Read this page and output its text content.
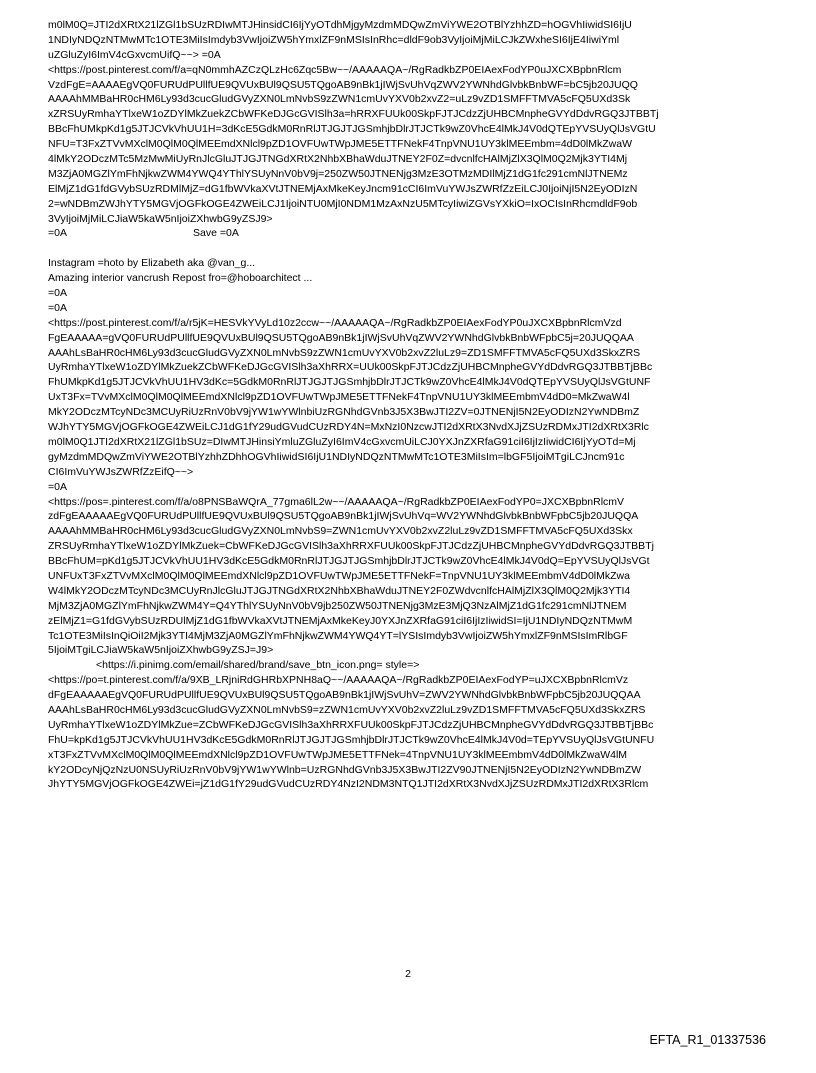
m0lM0Q=JTI2dXRtX21lZGl1bSUzRDIwMTJHinsidCI6IjYyOTdhMjgyMzdmMDQwZmViYWE2OTBlYzhhZD=hOGVhIiwidSI6IjU
1NDIyNDQzNTMwMTc1OTE3MiIsImdyb3VwIjoiZW5hYmxlZF9nMSIsInRhc=dldF9ob3VyIjoiMjMiLCJkZWxheSI6IjE4IiwiYml
uZGluZyI6ImV4cGxvcmUifQ~~> =0A
<https://post.pinterest.com/f/a=qN0mmhAZCzQLzHc6Zqc5Bw~~/AAAAAQA~/RgRadkbZP0EIAexFodYP0uJXCXBpbnRlcm
VzdFgE=AAAAEgVQ0FURUdPUllfUE9QVUxBUl9QSU5TQgoAB9nBk1jIWjSvUhVqZWV2YWNhdGlvbkBnbWF=bC5jb20JUQQ
AAAAhMMBaHR0cHM6Ly93d3cucGludGVyZXN0LmNvbS9zZWN1cmUvYXV0b2xvZ2=uLz9vZD1SMFFTMVA5cFQ5UXd3Sk
xZRSUyRmhaYTlxeW1oZDYlMkZuekZCbWFKeDJGcGVISlh3a=hRRXFUUk00SkpFJTJCdzZjUHBCMnpheGVYdDdvRGQ3JTBBTj
BBcFhUMkpKd1g5JTJCVkVhUU1H=3dKcE5GdkM0RnRlJTJGJTJGSmhjbDlrJTJCTk9wZ0VhcE4lMkJ4V0dQTEpYVSUyQlJsVGtU
NFU=T3FxZTVvMXclM0QlM0QlMEEmdXNlcl9pZD1OVFUwTWpJME5ETTFNekF4TnpVNU1UY3klMEEmbm=4dD0lMkZwaW
4lMkY2ODczMTc5MzMwMiUyRnJlcGluJTJGJTNGdXRtX2NhbXBhaWduJTNEY2F0Z=dvcnlfcHAlMjZlX3QlM0Q2Mjk3YTI4Mj
M3ZjA0MGZlYmFhNjkwZWM4YWQ4YThlYSUyNnV0bV9j=250ZW50JTNENjg3MzE3OTMzMDIlMjZ1dG1fc291cmNlJTNEMz
ElMjZ1dG1fdGVybSUzRDMlMjZ=dG1fbWVkaXVtJTNEMjAxMkeKeyJncm91cCI6ImVuYWJsZWRfZzEiLCJ0IjoiNjI5N2EyODIzN
2=wNDBmZWJhYTY5MGVjOGFkOGE4ZWEiLCJ1IjoiNTU0MjI0NDM1MzAxNzU5MTcyIiwiZGVsYXkiO=IxOCIsInRhcmdldF9ob
3VyIjoiMjMiLCJiaW5kaW5nIjoiZXhwbG9yZSJ9>
=0A	Save =0A
Instagram =hoto by Elizabeth aka @van_g...
Amazing interior vancrush Repost fro=@hoboarchitect ...
=0A
=0A
<https://post.pinterest.com/f/a/r5jK=HESVkYVyLd10z2ccw~~/AAAAAQA~/RgRadkbZP0EIAexFodYP0uJXCXBpbnRlcmVzd
FgEAAAAA=gVQ0FURUdPUllfUE9QVUxBUl9QSU5TQgoAB9nBk1jIWjSvUhVqZWV2YWNhdGlvbkBnbWFpbC5j=20JUQQAA
AAAhLsBaHR0cHM6Ly93d3cucGludGVyZXN0LmNvbS9zZWN1cmUvYXV0b2xvZ2luLz9=ZD1SMFFTMVA5cFQ5UXd3SkxZRS
UyRmhaYTlxeW1oZDYlMkZuekZCbWFKeDJGcGVISlh3aXhRRX=UUk00SkpFJTJCdzZjUHBCMnpheGVYdDdvRGQ3JTBBTjBBc
FhUMkpKd1g5JTJCVkVhUU1HV3dKc=5GdkM0RnRlJTJGJTJGSmhjbDlrJTJCTk9wZ0VhcE4lMkJ4V0dQTEpYVSUyQlJsVGtUNF
UxT3Fx=TVvMXclM0QlM0QlMEEmdXNlcl9pZD1OVFUwTWpJME5ETTFNekF4TnpVNU1UY3klMEEmbmV4dD0=MkZwaW4l
MkY2ODczMTcyNDc3MCUyRiUzRnV0bV9jYW1wYWlnbiUzRGNhdGVnb3J5X3BwJTI2ZV=0JTNENjI5N2EyODIzN2YwNDBmZ
WJhYTY5MGVjOGFkOGE4ZWEiLCJ1dG1fY29udGVudCUzRDY4N=MxNzI0NzcwJTI2dXRtX3NvdXJjZSUzRDMxJTI2dXRtX3Rlc
m0lM0Q1JTI2dXRtX21lZGl1bSUz=DIwMTJHinsiYmluZGluZyI6ImV4cGxvcmUiLCJ0YXJnZXRfaG91ciI6IjIzIiwidCI6IjYyOTd=Mj
gyMzdmMDQwZmViYWE2OTBlYzhhZDhhOGVhIiwidSI6IjU1NDIyNDQzNTMwMTc1OTE3MiIsIm=lbGF5IjoiMTgiLCJncm91c
CI6ImVuYWJsZWRfZzEifQ~~>
=0A
<https://pos=.pinterest.com/f/a/o8PNSBaWQrA_77gma6lL2w~~/AAAAAQA~/RgRadkbZP0EIAexFodYP0=JXCXBpbnRlcmV
zdFgEAAAAAEgVQ0FURUdPUllfUE9QVUxBUl9QSU5TQgoAB9nBk1jIWjSvUhVq=WV2YWNhdGlvbkBnbWFpbC5jb20JUQQA
AAAAhMMBaHR0cHM6Ly93d3cucGludGVyZXN0LmNvbS9=ZWN1cmUvYXV0b2xvZ2luLz9vZD1SMFFTMVA5cFQ5UXd3Skx
ZRSUyRmhaYTlxeW1oZDYlMkZuek=CbWFKeDJGcGVISlh3aXhRRXFUUk00SkpFJTJCdzZjUHBCMnpheGVYdDdvRGQ3JTBBTj
BBcFhUM=pKd1g5JTJCVkVhUU1HV3dKcE5GdkM0RnRlJTJGJTJGSmhjbDlrJTJCTk9wZ0VhcE4lMkJ4V0dQ=EpYVSUyQlJsVGt
UNFUxT3FxZTVvMXclM0QlM0QlMEEmdXNlcl9pZD1OVFUwTWpJME5ETTFNekF=TnpVNU1UY3klMEEmbmV4dD0lMkZwa
W4lMkY2ODczMTcyNDc3MCUyRnJlcGluJTJGJTNGdXRtX2NhbXBhaWduJTNEY2F0ZWdvcnlfcHAlMjZlX3QlM0Q2Mjk3YTI4
MjM3ZjA0MGZlYmFhNjkwZWM4Y=Q4YThlYSUyNnV0bV9jb250ZW50JTNENjg3MzE3MjQ3NzAlMjZ1dG1fc291cmNlJTNEM
zElMjZ1=G1fdGVybSUzRDUlMjZ1dG1fbWVkaXVtJTNEMjAxMkeKeyJ0YXJnZXRfaG91ciI6IjIzIiwidSI=IjU1NDIyNDQzNTMwM
Tc1OTE3MiIsInQiOiI2Mjk3YTI4MjM3ZjA0MGZlYmFhNjkwZWM4YWQ4YT=lYSIsImdyb3VwIjoiZW5hYmxlZF9nMSIsImRlbGF
5IjoiMTgiLCJiaW5kaW5nIjoiZXhwbG9yZSJ=J9>
<https://i.pinimg.com/email/shared/brand/save_btn_icon.png= style=>
<https://po=t.pinterest.com/f/a/9XB_LRjniRdGHRbXPNH8aQ~~/AAAAAQA~/RgRadkbZP0EIAexFodYP=uJXCXBpbnRlcmVz
dFgEAAAAAEgVQ0FURUdPUllfUE9QVUxBUl9QSU5TQgoAB9nBk1jIWjSvUhV=ZWV2YWNhdGlvbkBnbWFpbC5jb20JUQQAA
AAAhLsBaHR0cHM6Ly93d3cucGludGVyZXN0LmNvbS9=zZWN1cmUvYXV0b2xvZ2luLz9vZD1SMFFTMVA5cFQ5UXd3SkxZRS
UyRmhaYTlxeW1oZDYlMkZue=ZCbWFKeDJGcGVISlh3aXhRRXFUUk00SkpFJTJCdzZjUHBCMnpheGVYdDdvRGQ3JTBBTjBBc
FhU=kpKd1g5JTJCVkVhUU1HV3dKcE5GdkM0RnRlJTJGJTJGSmhjbDlrJTJCTk9wZ0VhcE4lMkJ4V0d=TEpYVSUyQlJsVGtUNFU
xT3FxZTVvMXclM0QlM0QlMEEmdXNlcl9pZD1OVFUwTWpJME5ETTFNek=4TnpVNU1UY3klMEEmbmV4dD0lMkZwaW4lM
kY2ODcyNjQzNzU0NSUyRiUzRnV0bV9jYW1wYWlnb=UzRGNhdGVnb3J5X3BwJTI2ZV90JTNENjI5N2EyODIzN2YwNDBmZW
JhYTY5MGVjOGFkOGE4ZWEi=jZ1dG1fY29udGVudCUzRDY4NzI2NDM3NTQ1JTI2dXRtX3NvdXJjZSUzRDMxJTI2dXRtX3Rlcm
2
EFTA_R1_01337536
